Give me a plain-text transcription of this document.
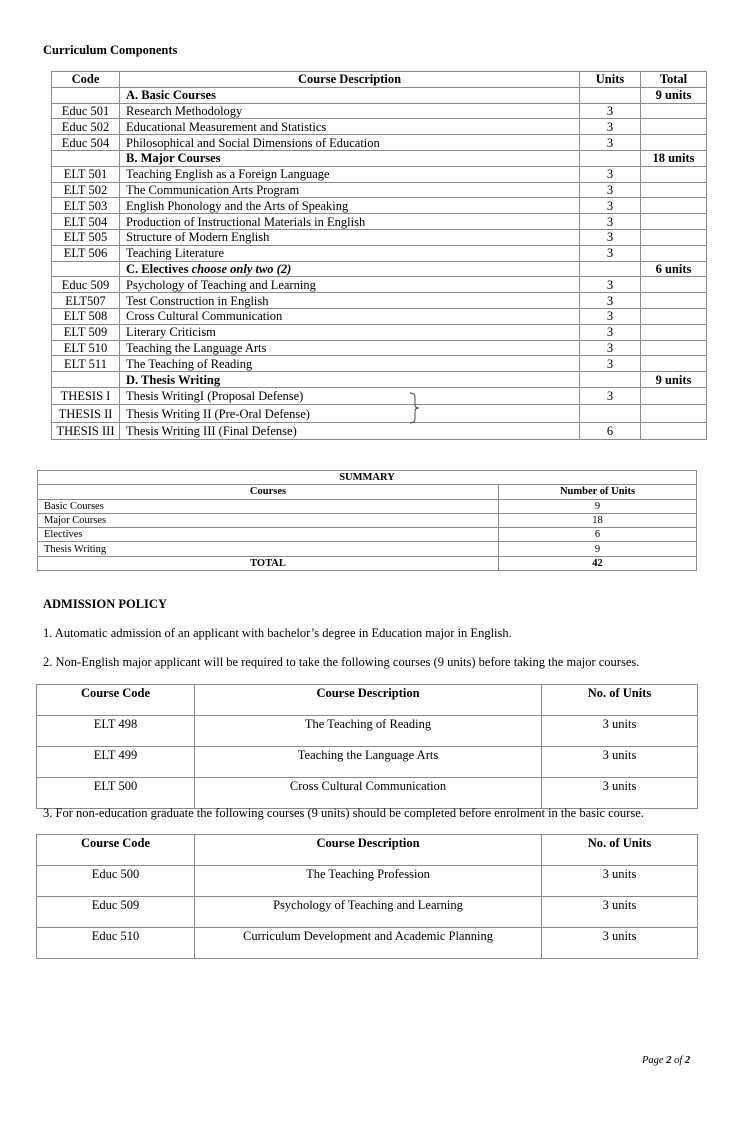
Curriculum Components
Code	Course Description	Units	Total
	A. Basic Courses		9 units
Educ 501	Research Methodology	3	
Educ 502	Educational Measurement and Statistics	3	
Educ 504	Philosophical and Social Dimensions of Education	3	
	B. Major Courses		18 units
ELT 501	Teaching English as a Foreign Language	3	
ELT 502	The Communication Arts Program	3	
ELT 503	English Phonology and the Arts of Speaking	3	
ELT 504	Production of Instructional Materials in English	3	
ELT 505	Structure of Modern English	3	
ELT 506	Teaching Literature	3	
	C. Electives choose only two (2)		6 units
Educ 509	Psychology of Teaching and Learning	3	
ELT507	Test Construction in English	3	
ELT 508	Cross Cultural Communication	3	
ELT 509	Literary Criticism	3	
ELT 510	Teaching the Language Arts	3	
ELT 511	The Teaching of Reading	3	
	D. Thesis Writing		9 units
THESIS I	Thesis WritingI (Proposal Defense)	3	
THESIS II	Thesis Writing II (Pre-Oral Defense)		
THESIS III	Thesis Writing III (Final Defense)	6	
SUMMARY	
Courses	Number of Units
Basic Courses	9
Major Courses	18
Electives	6
Thesis Writing	9
TOTAL	42
ADMISSION POLICY
1. Automatic admission of an applicant with bachelor’s degree in Education major in English.
2. Non-English major applicant will be required to take the following courses (9 units) before taking the major courses.
Course Code	Course Description	No. of Units
ELT 498	The Teaching of Reading	3 units
ELT 499	Teaching the Language Arts	3 units
ELT 500	Cross Cultural Communication	3 units
3. For non-education graduate the following courses (9 units) should be completed before enrolment in the basic course.
Course Code	Course Description	No. of Units
Educ 500	The Teaching Profession	3 units
Educ 509	Psychology of Teaching and Learning	3 units
Educ 510	Curriculum Development and Academic Planning	3 units
Page 2 of 2
